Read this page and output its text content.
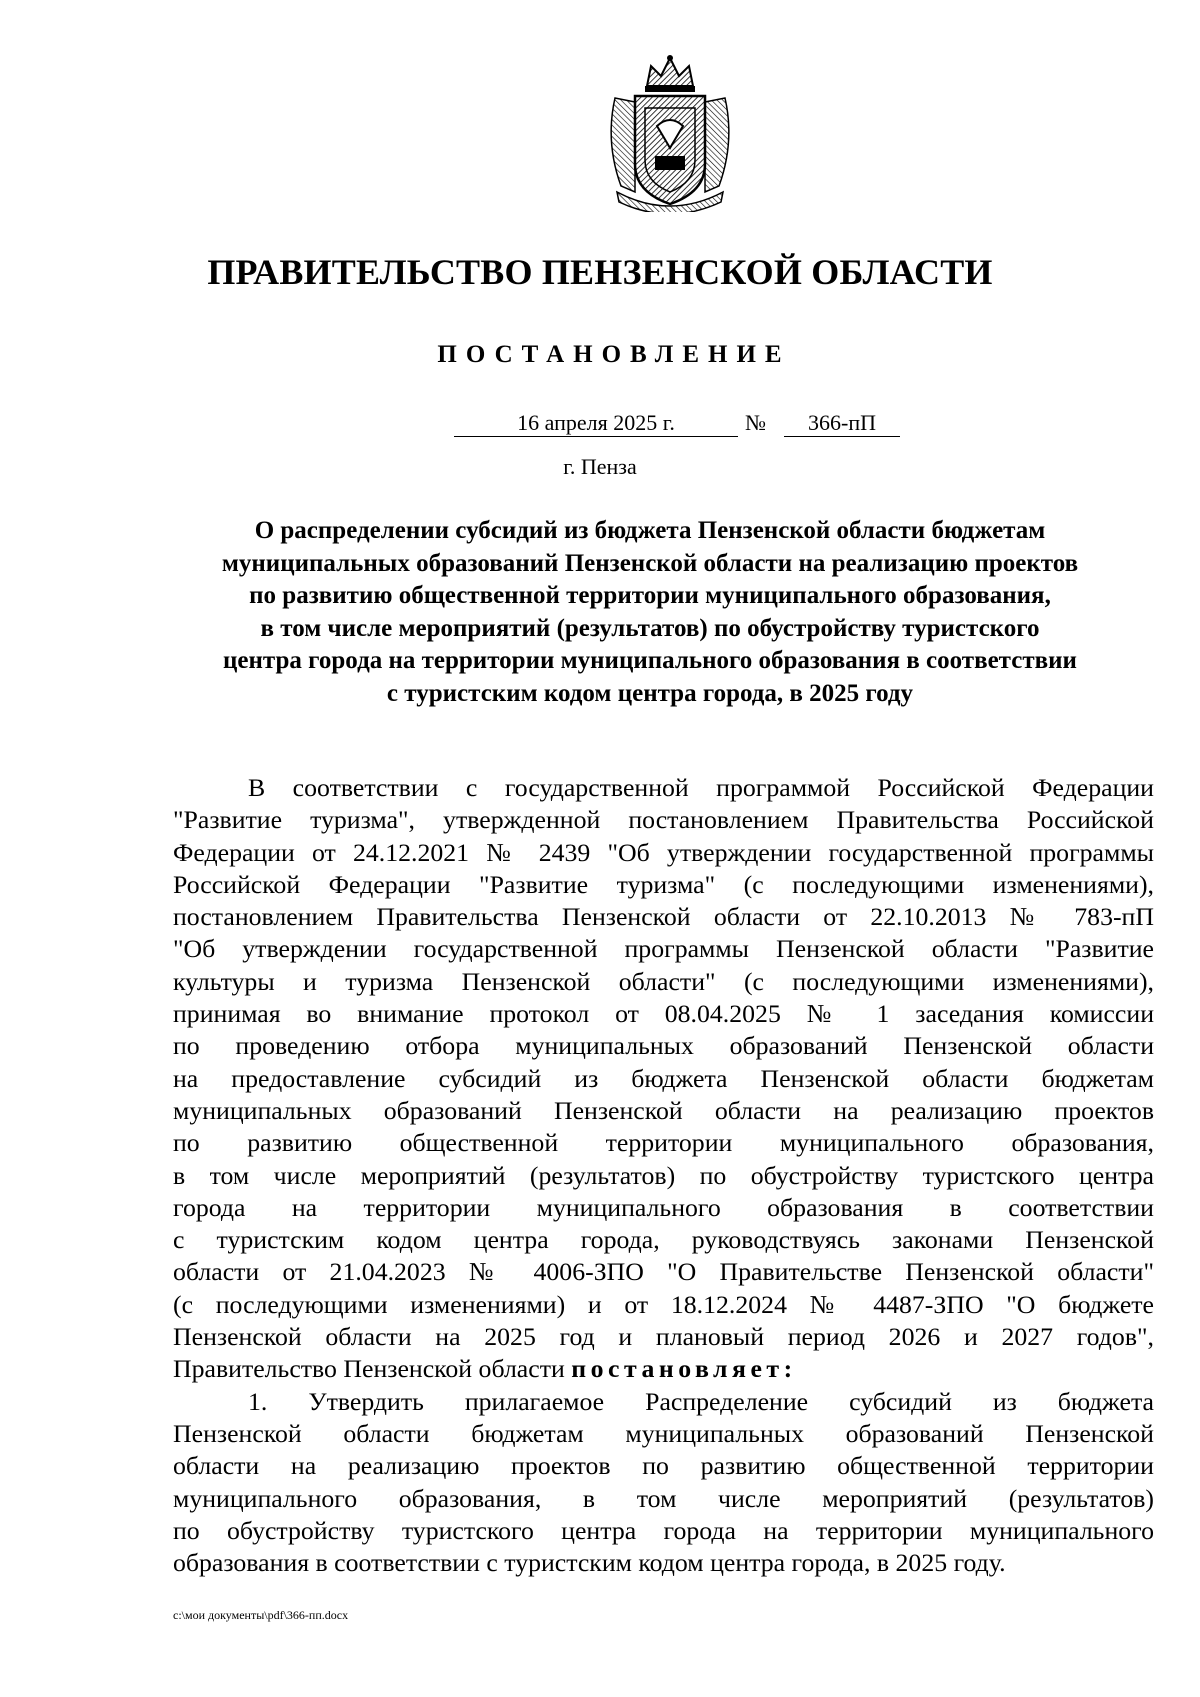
ПРАВИТЕЛЬСТВО ПЕНЗЕНСКОЙ ОБЛАСТИ
ПОСТАНОВЛЕНИЕ
16 апреля 2025 г.	№	366-пП
г. Пенза
О распределении субсидий из бюджета Пензенской области бюджетам
муниципальных образований Пензенской области на реализацию проектов
по развитию общественной территории муниципального образования,
в том числе мероприятий (результатов) по обустройству туристского
центра города на территории муниципального образования в соответствии
с туристским кодом центра города, в 2025 году
В соответствии с государственной программой Российской Федерации
"Развитие туризма", утвержденной постановлением Правительства Российской
Федерации от 24.12.2021 № 2439 "Об утверждении государственной программы
Российской Федерации "Развитие туризма" (с последующими изменениями),
постановлением Правительства Пензенской области от 22.10.2013 № 783-пП
"Об утверждении государственной программы Пензенской области "Развитие
культуры и туризма Пензенской области" (с последующими изменениями),
принимая во внимание протокол от 08.04.2025 № 1 заседания комиссии
по проведению отбора муниципальных образований Пензенской области
на предоставление субсидий из бюджета Пензенской области бюджетам
муниципальных образований Пензенской области на реализацию проектов
по развитию общественной территории муниципального образования,
в том числе мероприятий (результатов) по обустройству туристского центра
города на территории муниципального образования в соответствии
с туристским кодом центра города, руководствуясь законами Пензенской
области от 21.04.2023 № 4006-ЗПО "О Правительстве Пензенской области"
(с последующими изменениями) и от 18.12.2024 № 4487-ЗПО "О бюджете
Пензенской области на 2025 год и плановый период 2026 и 2027 годов",
Правительство Пензенской области постановляет:
1. Утвердить прилагаемое Распределение субсидий из бюджета
Пензенской области бюджетам муниципальных образований Пензенской
области на реализацию проектов по развитию общественной территории
муниципального образования, в том числе мероприятий (результатов)
по обустройству туристского центра города на территории муниципального
образования в соответствии с туристским кодом центра города, в 2025 году.
c:\мои документы\pdf\366-пп.docx
